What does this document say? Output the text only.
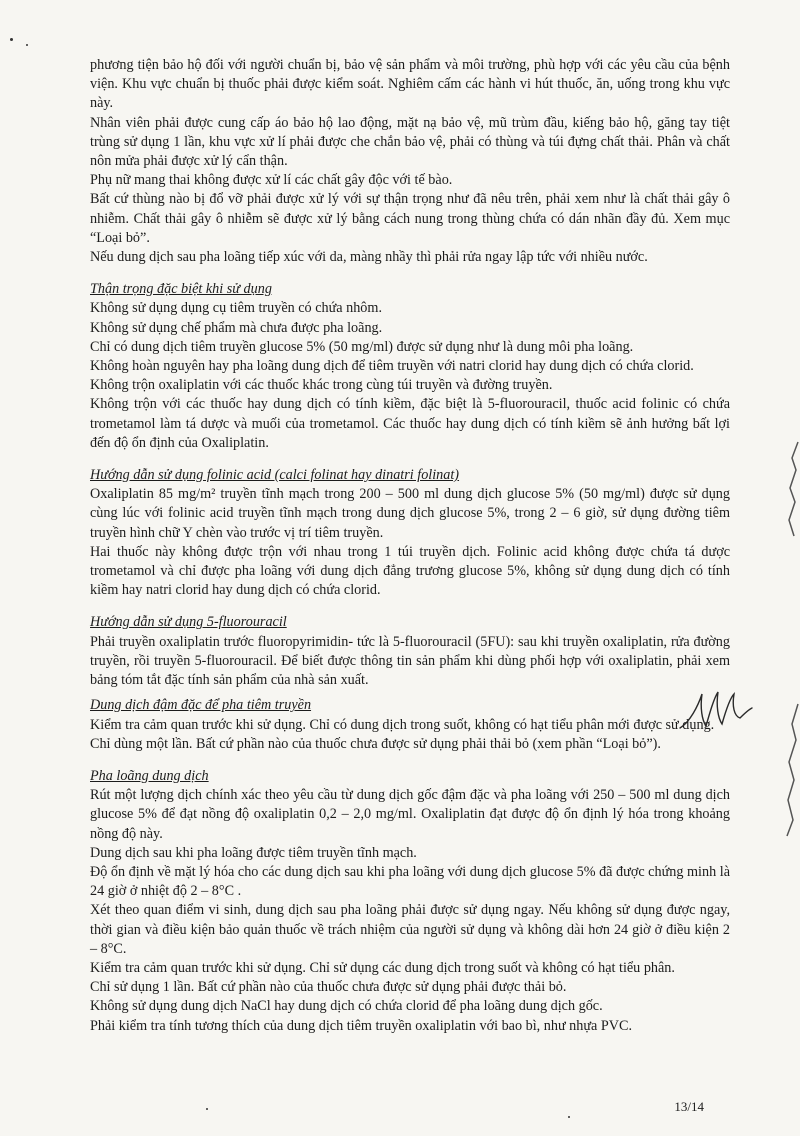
phương tiện bảo hộ đối với người chuẩn bị, bảo vệ sản phẩm và môi trường, phù hợp với các yêu cầu của bệnh viện. Khu vực chuẩn bị thuốc phải được kiểm soát. Nghiêm cấm các hành vi hút thuốc, ăn, uống trong khu vực này.

Nhân viên phải được cung cấp áo bảo hộ lao động, mặt nạ bảo vệ, mũ trùm đầu, kiếng bảo hộ, găng tay tiệt trùng sử dụng 1 lần, khu vực xử lí phải được che chắn bảo vệ, phải có thùng và túi đựng chất thải. Phân và chất nôn mửa phải được xử lý cẩn thận.

Phụ nữ mang thai không được xử lí các chất gây độc với tế bào.

Bất cứ thùng nào bị đổ vỡ phải được xử lý với sự thận trọng như đã nêu trên, phải xem như là chất thải gây ô nhiễm. Chất thải gây ô nhiễm sẽ được xử lý bằng cách nung trong thùng chứa có dán nhãn đầy đủ. Xem mục “Loại bỏ”.

Nếu dung dịch sau pha loãng tiếp xúc với da, màng nhầy thì phải rửa ngay lập tức với nhiều nước.

Thận trọng đặc biệt khi sử dụng

Không sử dụng dụng cụ tiêm truyền có chứa nhôm.

Không sử dụng chế phẩm mà chưa được pha loãng.

Chỉ có dung dịch tiêm truyền glucose 5% (50 mg/ml) được sử dụng như là dung môi pha loãng.

Không hoàn nguyên hay pha loãng dung dịch để tiêm truyền với natri clorid hay dung dịch có chứa clorid.

Không trộn oxaliplatin với các thuốc khác trong cùng túi truyền và đường truyền.

Không trộn với các thuốc hay dung dịch có tính kiềm, đặc biệt là 5-fluorouracil, thuốc acid folinic có chứa trometamol làm tá dược và muối của trometamol. Các thuốc hay dung dịch có tính kiềm sẽ ảnh hưởng bất lợi đến độ ổn định của Oxaliplatin.

Hướng dẫn sử dụng folinic acid (calci folinat hay dinatri folinat)

Oxaliplatin 85 mg/m² truyền tĩnh mạch trong 200 – 500 ml dung dịch glucose 5% (50 mg/ml) được sử dụng cùng lúc với folinic acid truyền tĩnh mạch trong dung dịch glucose 5%, trong 2 – 6 giờ, sử dụng đường tiêm truyền hình chữ Y chèn vào trước vị trí tiêm truyền.

Hai thuốc này không được trộn với nhau trong 1 túi truyền dịch. Folinic acid không được chứa tá dược trometamol và chỉ được pha loãng với dung dịch đẳng trương glucose 5%, không sử dụng dung dịch có tính kiềm hay natri clorid hay dung dịch có chứa clorid.

Hướng dẫn sử dụng 5-fluorouracil

Phải truyền oxaliplatin trước fluoropyrimidin- tức là 5-fluorouracil (5FU): sau khi truyền oxaliplatin, rửa đường truyền, rồi truyền 5-fluorouracil. Để biết được thông tin sản phẩm khi dùng phối hợp với oxaliplatin, phải xem bảng tóm tắt đặc tính sản phẩm của nhà sản xuất.

Dung dịch đậm đặc để pha tiêm truyền

Kiểm tra cảm quan trước khi sử dụng. Chỉ có dung dịch trong suốt, không có hạt tiểu phân mới được sử dụng.

Chỉ dùng một lần. Bất cứ phần nào của thuốc chưa được sử dụng phải thải bỏ (xem phần “Loại bỏ”).

Pha loãng dung dịch

Rút một lượng dịch chính xác theo yêu cầu từ dung dịch gốc đậm đặc và pha loãng với 250 – 500 ml dung dịch glucose 5% để đạt nồng độ oxaliplatin 0,2 – 2,0 mg/ml. Oxaliplatin đạt được độ ổn định lý hóa trong khoảng nồng độ này.

Dung dịch sau khi pha loãng được tiêm truyền tĩnh mạch.

Độ ổn định về mặt lý hóa cho các dung dịch sau khi pha loãng với dung dịch glucose 5% đã được chứng minh là 24 giờ ở nhiệt độ 2 – 8°C .

Xét theo quan điểm vi sinh, dung dịch sau pha loãng phải được sử dụng ngay. Nếu không sử dụng được ngay, thời gian và điều kiện bảo quản thuốc về trách nhiệm của người sử dụng và không dài hơn 24 giờ ở điều kiện 2 – 8°C.

Kiểm tra cảm quan trước khi sử dụng. Chỉ sử dụng các dung dịch trong suốt và không có hạt tiểu phân.

Chỉ sử dụng 1 lần. Bất cứ phần nào của thuốc chưa được sử dụng phải được thải bỏ.

Không sử dụng dung dịch NaCl hay dung dịch có chứa clorid để pha loãng dung dịch gốc.

Phải kiểm tra tính tương thích của dung dịch tiêm truyền oxaliplatin với bao bì, như nhựa PVC.

13/14
